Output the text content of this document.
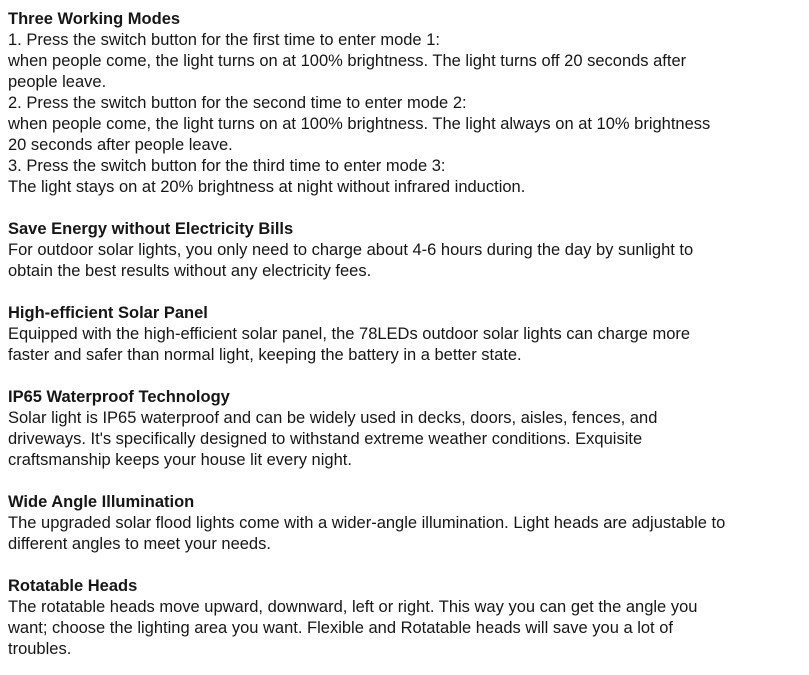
Three Working Modes
1. Press the switch button for the first time to enter mode 1:
when people come, the light turns on at 100% brightness. The light turns off 20 seconds after
people leave.
2. Press the switch button for the second time to enter mode 2:
when people come, the light turns on at 100% brightness. The light always on at 10% brightness
20 seconds after people leave.
3. Press the switch button for the third time to enter mode 3:
The light stays on at 20% brightness at night without infrared induction.
Save Energy without Electricity Bills
For outdoor solar lights, you only need to charge about 4-6 hours during the day by sunlight to
obtain the best results without any electricity fees.
High-efficient Solar Panel
Equipped with the high-efficient solar panel, the 78LEDs outdoor solar lights can charge more
faster and safer than normal light, keeping the battery in a better state.
IP65 Waterproof Technology
Solar light is IP65 waterproof and can be widely used in decks, doors, aisles, fences, and
driveways. It's specifically designed to withstand extreme weather conditions. Exquisite
craftsmanship keeps your house lit every night.
Wide Angle Illumination
The upgraded solar flood lights come with a wider-angle illumination. Light heads are adjustable to
different angles to meet your needs.
Rotatable Heads
The rotatable heads move upward, downward, left or right. This way you can get the angle you
want; choose the lighting area you want. Flexible and Rotatable heads will save you a lot of
troubles.
